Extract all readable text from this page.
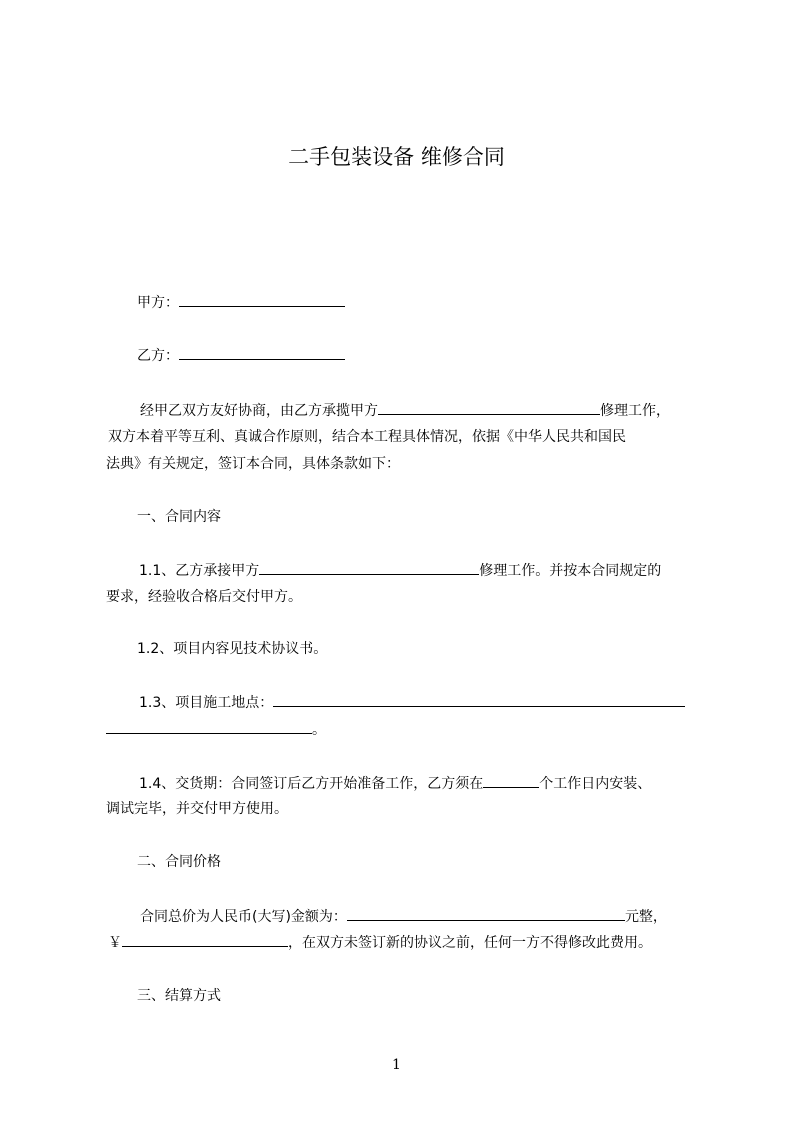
二手包装设备 维修合同
甲方：
乙方：
经甲乙双方友好协商，由乙方承揽甲方	修理工作，
双方本着平等互利、真诚合作原则，结合本工程具体情况，依据《中华人民共和国民
法典》有关规定，签订本合同，具体条款如下：
一、合同内容
1.1、乙方承接甲方	修理工作。并按本合同规定的
要求，经验收合格后交付甲方。
1.2、项目内容见技术协议书。
1.3、项目施工地点：
。
1.4、交货期：合同签订后乙方开始准备工作，乙方须在	个工作日内安装、
调试完毕，并交付甲方使用。
二、合同价格
合同总价为人民币(大写)金额为：	元整，
￥	，在双方未签订新的协议之前，任何一方不得修改此费用。
三、结算方式
1
